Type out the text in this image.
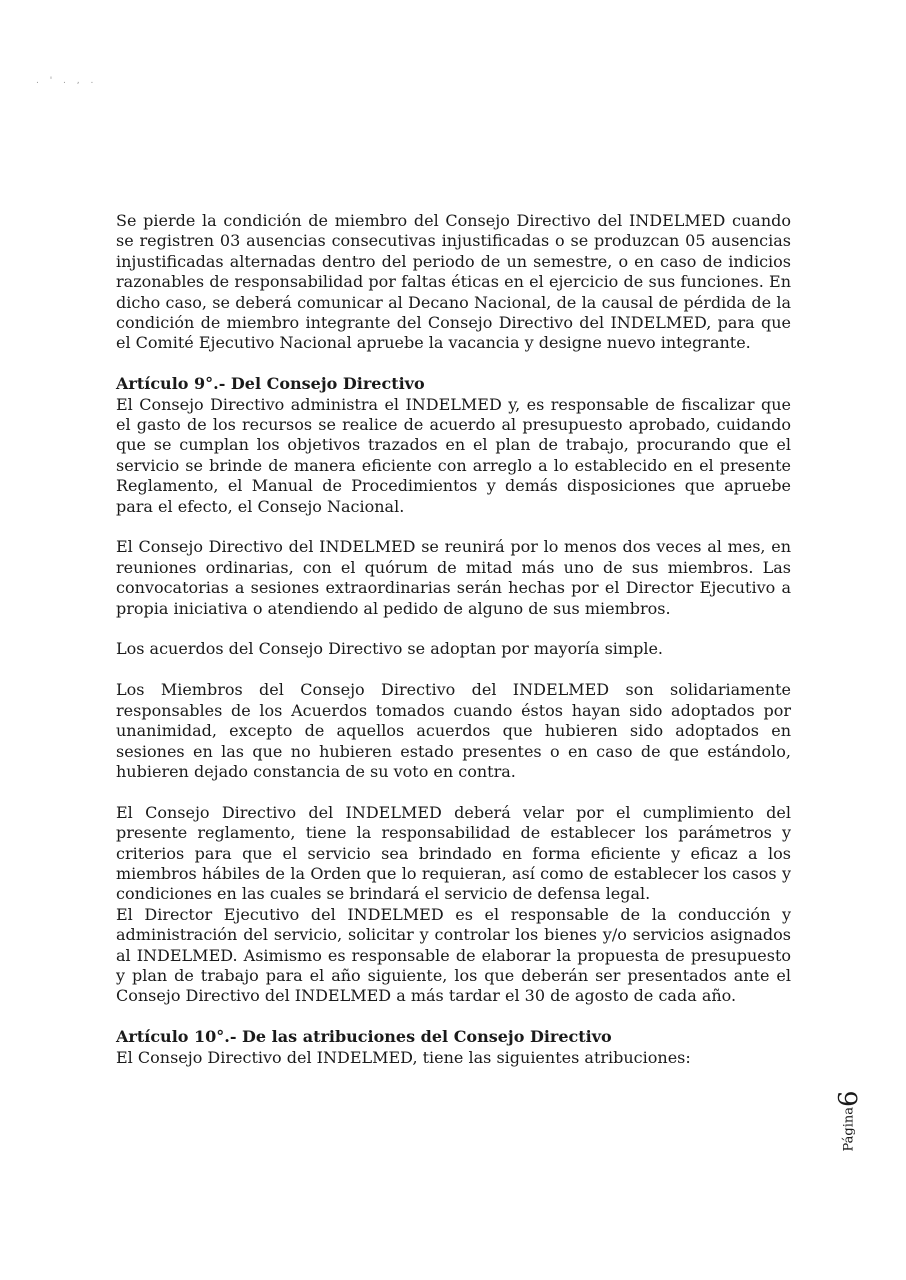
. ' . , .

Se pierde la condición de miembro del Consejo Directivo del INDELMED cuando se registren 03 ausencias consecutivas injustificadas o se produzcan 05 ausencias injustificadas alternadas dentro del periodo de un semestre, o en caso de indicios razonables de responsabilidad por faltas éticas en el ejercicio de sus funciones. En dicho caso, se deberá comunicar al Decano Nacional, de la causal de pérdida de la condición de miembro integrante del Consejo Directivo del INDELMED, para que el Comité Ejecutivo Nacional apruebe la vacancia y designe nuevo integrante.

Artículo 9°.- Del Consejo Directivo

El Consejo Directivo administra el INDELMED y, es responsable de fiscalizar que el gasto de los recursos se realice de acuerdo al presupuesto aprobado, cuidando que se cumplan los objetivos trazados en el plan de trabajo, procurando que el servicio se brinde de manera eficiente con arreglo a lo establecido en el presente Reglamento, el Manual de Procedimientos y demás disposiciones que apruebe para el efecto, el Consejo Nacional.

El Consejo Directivo del INDELMED se reunirá por lo menos dos veces al mes, en reuniones ordinarias, con el quórum de mitad más uno de sus miembros. Las convocatorias a sesiones extraordinarias serán hechas por el Director Ejecutivo a propia iniciativa o atendiendo al pedido de alguno de sus miembros.

Los acuerdos del Consejo Directivo se adoptan por mayoría simple.

Los Miembros del Consejo Directivo del INDELMED son solidariamente responsables de los Acuerdos tomados cuando éstos hayan sido adoptados por unanimidad, excepto de aquellos acuerdos que hubieren sido adoptados en sesiones en las que no hubieren estado presentes o en caso de que estándolo, hubieren dejado constancia de su voto en contra.

El Consejo Directivo del INDELMED deberá velar por el cumplimiento del presente reglamento, tiene la responsabilidad de establecer los parámetros y criterios para que el servicio sea brindado en forma eficiente y eficaz a los miembros hábiles de la Orden que lo requieran, así como de establecer los casos y condiciones en las cuales se brindará el servicio de defensa legal.

El Director Ejecutivo del INDELMED es el responsable de la conducción y administración del servicio, solicitar y controlar los bienes y/o servicios asignados al INDELMED. Asimismo es responsable de elaborar la propuesta de presupuesto y plan de trabajo para el año siguiente, los que deberán ser presentados ante el Consejo Directivo del INDELMED a más tardar el 30 de agosto de cada año.

Artículo 10°.- De las atribuciones del Consejo Directivo

El Consejo Directivo del INDELMED, tiene las siguientes atribuciones:

Página6
